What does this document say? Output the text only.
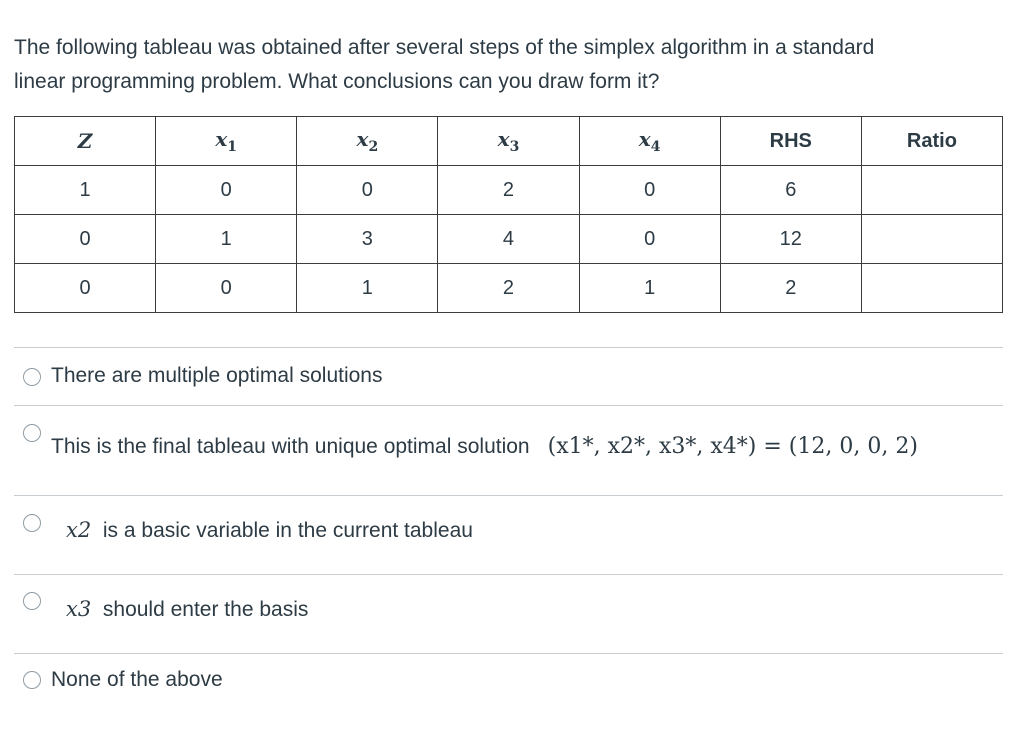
The following tableau was obtained after several steps of the simplex algorithm in a standard
linear programming problem. What conclusions can you draw form it?

Z	$x_1$	$x_2$	$x_3$	$x_4$	RHS	Ratio
1	0	0	2	0	6	
0	1	3	4	0	12	
0	0	1	2	1	2	
There are multiple optimal solutions
This is the final tableau with unique optimal solution (x1*, x2*, x3*, x4*) = (12, 0, 0, 2)
x2 is a basic variable in the current tableau
x3 should enter the basis
None of the above
